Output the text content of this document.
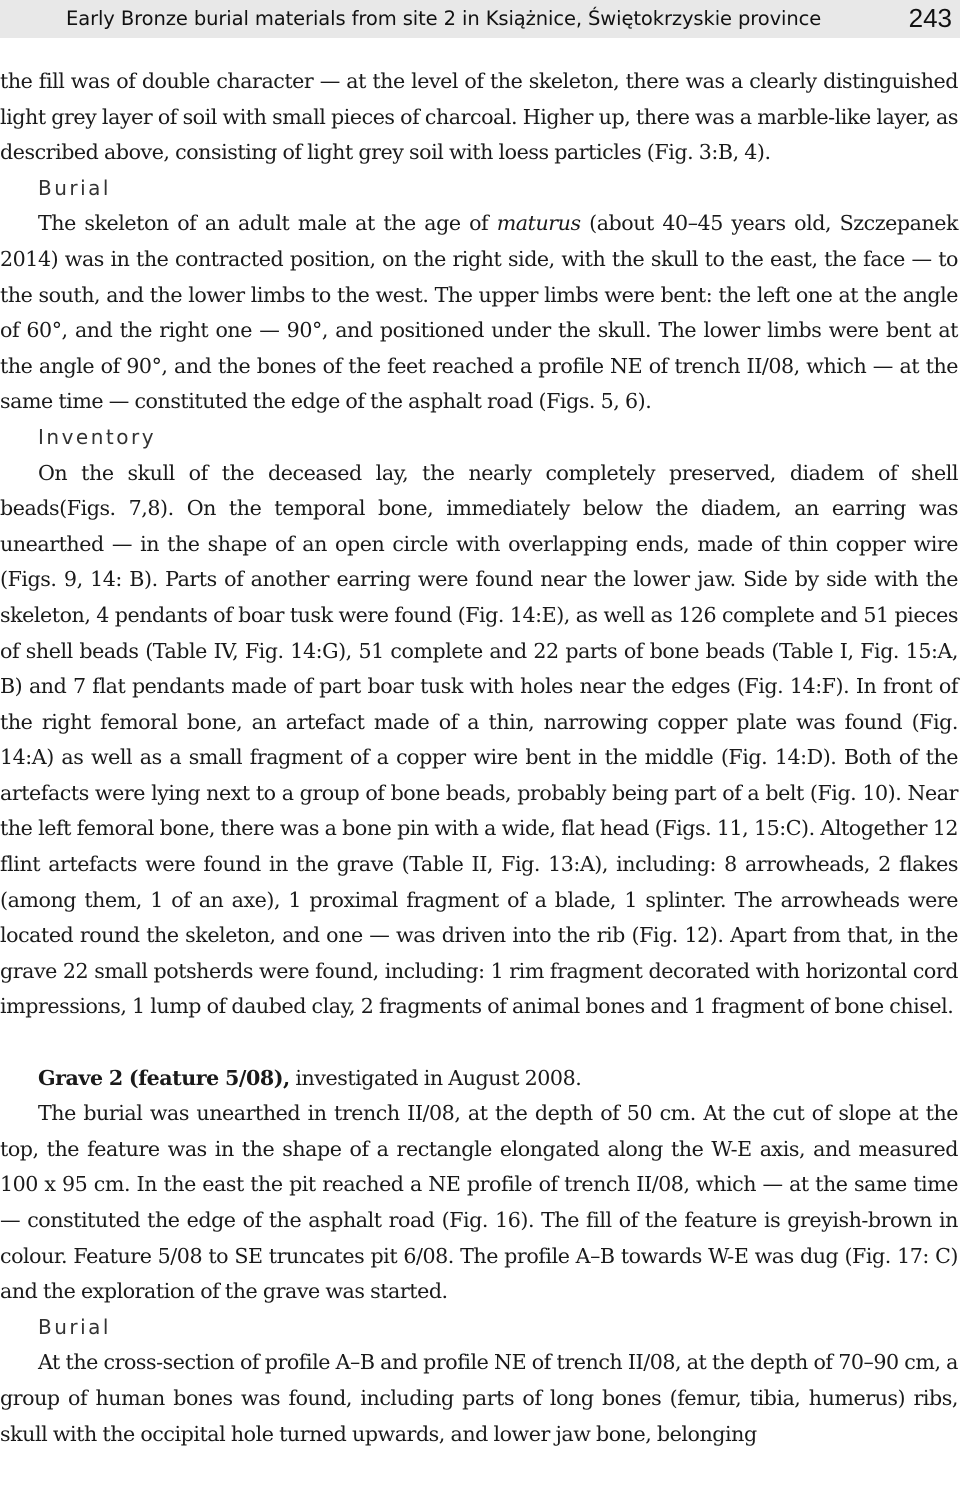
Early Bronze burial materials from site 2 in Książnice, Świętokrzyskie province	243

the fill was of double character — at the level of the skeleton, there was a clearly distinguished light grey layer of soil with small pieces of charcoal. Higher up, there was a marble-like layer, as described above, consisting of light grey soil with loess particles (Fig. 3:B, 4).

Burial

The skeleton of an adult male at the age of maturus (about 40–45 years old, Szczepanek 2014) was in the contracted position, on the right side, with the skull to the east, the face — to the south, and the lower limbs to the west. The upper limbs were bent: the left one at the angle of 60°, and the right one — 90°, and positioned under the skull. The lower limbs were bent at the angle of 90°, and the bones of the feet reached a profile NE of trench II/08, which — at the same time — constituted the edge of the asphalt road (Figs. 5, 6).

Inventory

On the skull of the deceased lay, the nearly completely preserved, diadem of shell beads(Figs. 7,8). On the temporal bone, immediately below the diadem, an earring was unearthed — in the shape of an open circle with overlapping ends, made of thin copper wire (Figs. 9, 14: B). Parts of another earring were found near the lower jaw. Side by side with the skeleton, 4 pendants of boar tusk were found (Fig. 14:E), as well as 126 complete and 51 pieces of shell beads (Table IV, Fig. 14:G), 51 complete and 22 parts of bone beads (Table I, Fig. 15:A, B) and 7 flat pendants made of part boar tusk with holes near the edges (Fig. 14:F). In front of the right femoral bone, an artefact made of a thin, narrowing copper plate was found (Fig. 14:A) as well as a small fragment of a copper wire bent in the middle (Fig. 14:D). Both of the artefacts were lying next to a group of bone beads, probably being part of a belt (Fig. 10). Near the left femoral bone, there was a bone pin with a wide, flat head (Figs. 11, 15:C). Altogether 12 flint artefacts were found in the grave (Table II, Fig. 13:A), including: 8 arrowheads, 2 flakes (among them, 1 of an axe), 1 proximal fragment of a blade, 1 splinter. The arrowheads were located round the skeleton, and one — was driven into the rib (Fig. 12). Apart from that, in the grave 22 small potsherds were found, including: 1 rim fragment decorated with horizontal cord impressions, 1 lump of daubed clay, 2 fragments of animal bones and 1 fragment of bone chisel.

Grave 2 (feature 5/08), investigated in August 2008.

The burial was unearthed in trench II/08, at the depth of 50 cm. At the cut of slope at the top, the feature was in the shape of a rectangle elongated along the W-E axis, and measured 100 x 95 cm. In the east the pit reached a NE profile of trench II/08, which — at the same time — constituted the edge of the asphalt road (Fig. 16). The fill of the feature is greyish-brown in colour. Feature 5/08 to SE truncates pit 6/08. The profile A–B towards W-E was dug (Fig. 17: C) and the exploration of the grave was started.

Burial

At the cross-section of profile A–B and profile NE of trench II/08, at the depth of 70–90 cm, a group of human bones was found, including parts of long bones (femur, tibia, humerus) ribs, skull with the occipital hole turned upwards, and lower jaw bone, belonging
